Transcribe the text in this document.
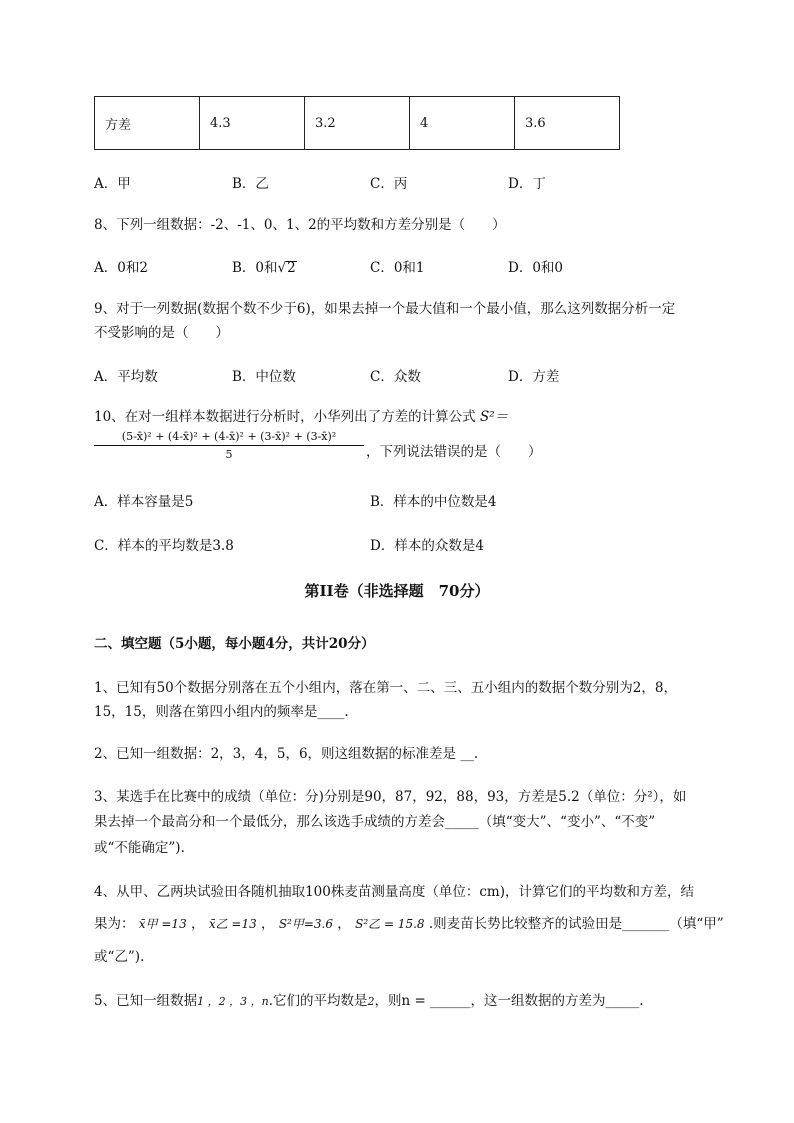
方差	4.3	3.2	4	3.6
A．甲	B．乙	C．丙	D．丁
8、下列一组数据：-2、-1、0、1、2的平均数和方差分别是（　　）
A．0和2	B．0和√2	C．0和1	D．0和0
9、对于一列数据(数据个数不少于6)，如果去掉一个最大值和一个最小值，那么这列数据分析一定
不受影响的是（　　）
A．平均数	B．中位数	C．众数	D．方差
10、在对一组样本数据进行分析时，小华列出了方差的计算公式 S²＝
$\frac{\text{(5-x̄)² + (4-x̄)² + (4-x̄)² + (3-x̄)² + (3-x̄)²}}{5}$ ，下列说法错误的是（　　）
A．样本容量是5	B．样本的中位数是4
C．样本的平均数是3.8	D．样本的众数是4
第II卷（非选择题　70分）
二、填空题（5小题，每小题4分，共计20分）
1、已知有50个数据分别落在五个小组内，落在第一、二、三、五小组内的数据个数分别为2，8，
15，15，则落在第四小组内的频率是____.
2、已知一组数据：2，3，4，5，6，则这组数据的标准差是 __.
3、某选手在比赛中的成绩（单位：分)分别是90，87，92，88，93，方差是5.2（单位：分²），如
果去掉一个最高分和一个最低分，那么该选手成绩的方差会_____（填“变大”、“变小”、“不变”
或“不能确定”).
4、从甲、乙两块试验田各随机抽取100株麦苗测量高度（单位：cm)，计算它们的平均数和方差，结
果为： x̄甲 =13 ， x̄乙 =13 ， S²甲=3.6 ， S²乙 = 15.8 .则麦苗长势比较整齐的试验田是_______（填“甲”
或“乙”).
5、已知一组数据1 ，2 ，3 ，n.它们的平均数是2，则n = ______，这一组数据的方差为_____.
